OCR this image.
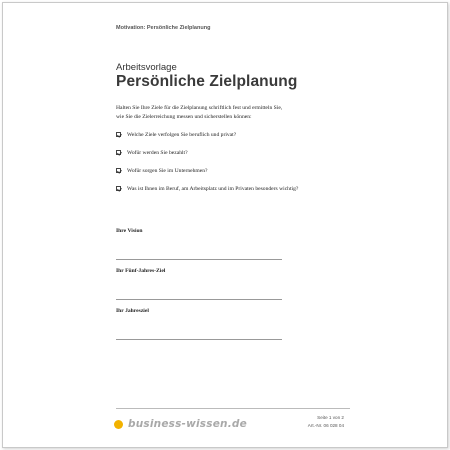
Motivation: Persönliche Zielplanung
Arbeitsvorlage
Persönliche Zielplanung
Halten Sie Ihre Ziele für die Zielplanung schriftlich fest und ermitteln Sie,
wie Sie die Zielerreichung messen und sicherstellen können:
Welche Ziele verfolgen Sie beruflich und privat?
Wofür werden Sie bezahlt?
Wofür sorgen Sie im Unternehmen?
Was ist Ihnen im Beruf, am Arbeitsplatz und im Privaten besonders wichtig?
Ihre Vision
Ihr Fünf-Jahres-Ziel
Ihr Jahresziel
business-wissen.de
Seite 1 von 2
Art.-Nr. 06 028 04
